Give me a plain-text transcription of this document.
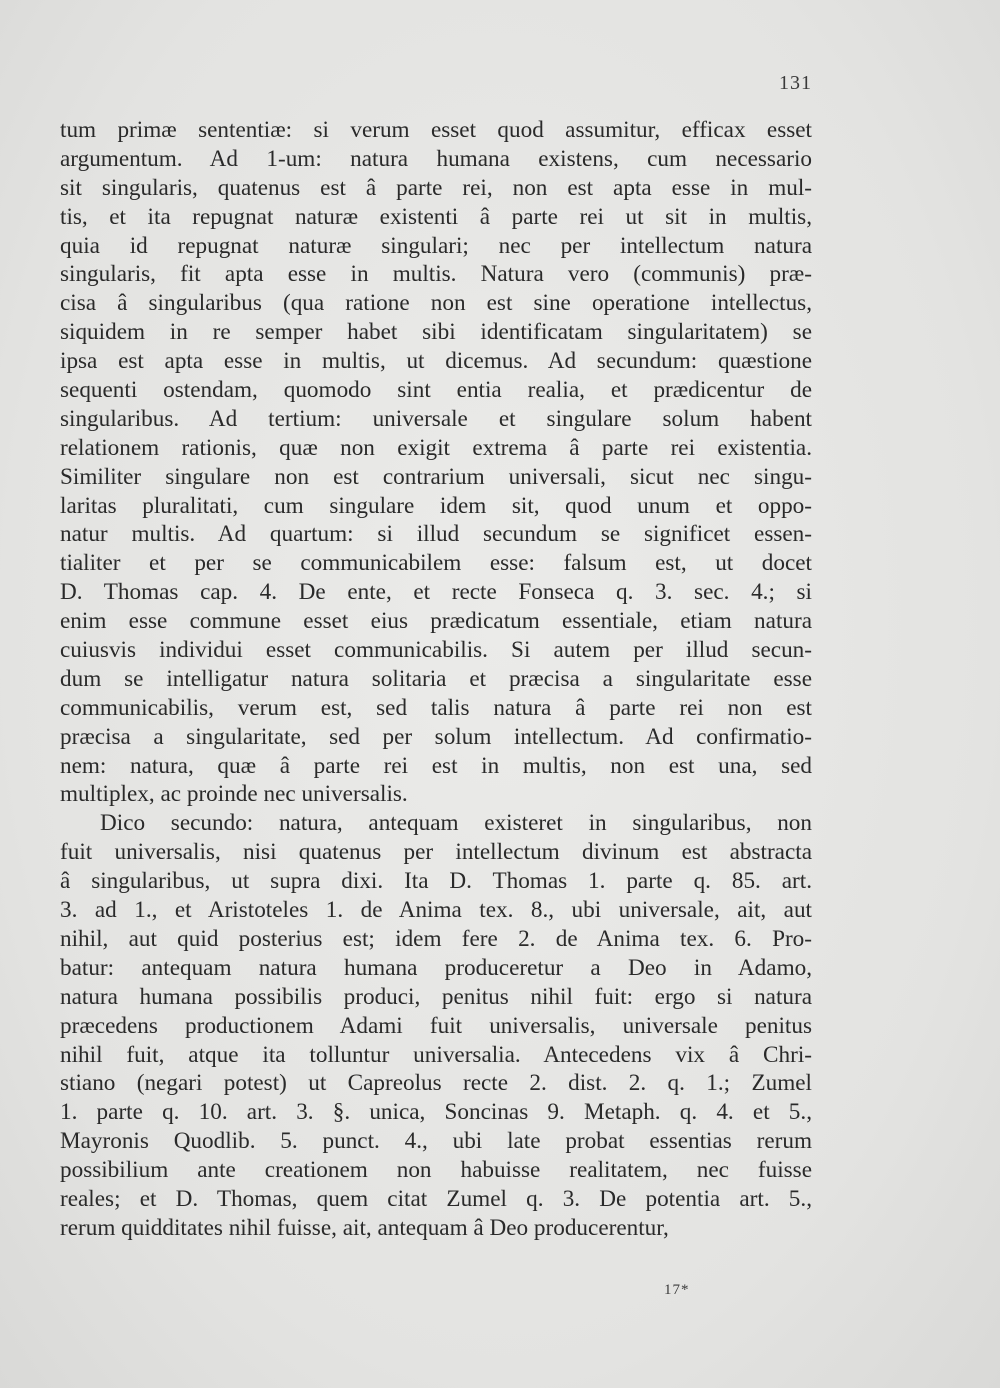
131
tum primæ sententiæ: si verum esset quod assumitur, efficax esset
argumentum. Ad 1-um: natura humana existens, cum necessario
sit singularis, quatenus est â parte rei, non est apta esse in mul-
tis, et ita repugnat naturæ existenti â parte rei ut sit in multis,
quia id repugnat naturæ singulari; nec per intellectum natura
singularis, fit apta esse in multis. Natura vero (communis) præ-
cisa â singularibus (qua ratione non est sine operatione intellectus,
siquidem in re semper habet sibi identificatam singularitatem) se
ipsa est apta esse in multis, ut dicemus. Ad secundum: quæstione
sequenti ostendam, quomodo sint entia realia, et prædicentur de
singularibus. Ad tertium: universale et singulare solum habent
relationem rationis, quæ non exigit extrema â parte rei existentia.
Similiter singulare non est contrarium universali, sicut nec singu-
laritas pluralitati, cum singulare idem sit, quod unum et oppo-
natur multis. Ad quartum: si illud secundum se significet essen-
tialiter et per se communicabilem esse: falsum est, ut docet
D. Thomas cap. 4. De ente, et recte Fonseca q. 3. sec. 4.; si
enim esse commune esset eius prædicatum essentiale, etiam natura
cuiusvis individui esset communicabilis. Si autem per illud secun-
dum se intelligatur natura solitaria et præcisa a singularitate esse
communicabilis, verum est, sed talis natura â parte rei non est
præcisa a singularitate, sed per solum intellectum. Ad confirmatio-
nem: natura, quæ â parte rei est in multis, non est una, sed
multiplex, ac proinde nec universalis.
Dico secundo: natura, antequam existeret in singularibus, non
fuit universalis, nisi quatenus per intellectum divinum est abstracta
â singularibus, ut supra dixi. Ita D. Thomas 1. parte q. 85. art.
3. ad 1., et Aristoteles 1. de Anima tex. 8., ubi universale, ait, aut
nihil, aut quid posterius est; idem fere 2. de Anima tex. 6. Pro-
batur: antequam natura humana produceretur a Deo in Adamo,
natura humana possibilis produci, penitus nihil fuit: ergo si natura
præcedens productionem Adami fuit universalis, universale penitus
nihil fuit, atque ita tolluntur universalia. Antecedens vix â Chri-
stiano (negari potest) ut Capreolus recte 2. dist. 2. q. 1.; Zumel
1. parte q. 10. art. 3. §. unica, Soncinas 9. Metaph. q. 4. et 5.,
Mayronis Quodlib. 5. punct. 4., ubi late probat essentias rerum
possibilium ante creationem non habuisse realitatem, nec fuisse
reales; et D. Thomas, quem citat Zumel q. 3. De potentia art. 5.,
rerum quidditates nihil fuisse, ait, antequam â Deo producerentur,
17*
